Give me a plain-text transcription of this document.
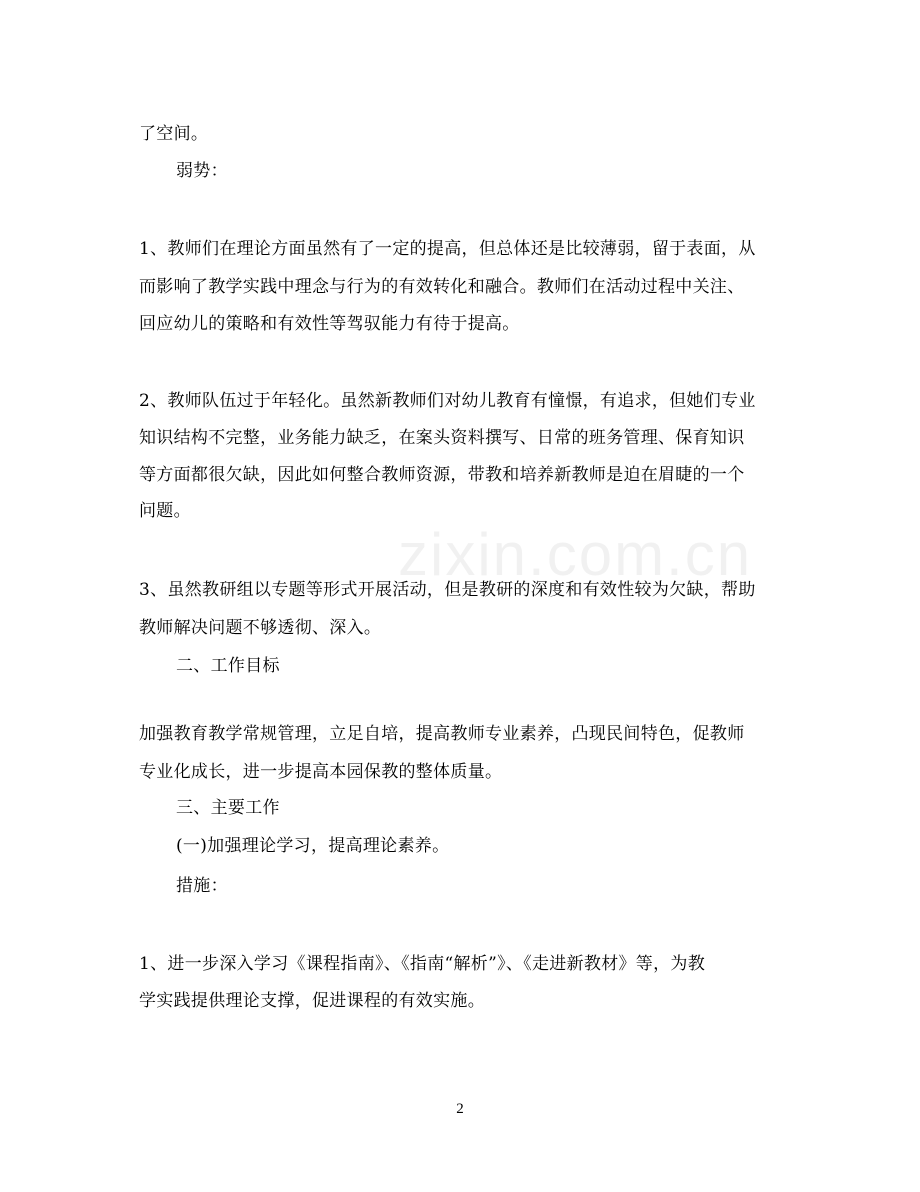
zixin.com.cn
了空间。
弱势：
1、教师们在理论方面虽然有了一定的提高，但总体还是比较薄弱，留于表面，从
而影响了教学实践中理念与行为的有效转化和融合。教师们在活动过程中关注、
回应幼儿的策略和有效性等驾驭能力有待于提高。
2、教师队伍过于年轻化。虽然新教师们对幼儿教育有憧憬，有追求，但她们专业
知识结构不完整，业务能力缺乏，在案头资料撰写、日常的班务管理、保育知识
等方面都很欠缺，因此如何整合教师资源，带教和培养新教师是迫在眉睫的一个
问题。
3、虽然教研组以专题等形式开展活动，但是教研的深度和有效性较为欠缺，帮助
教师解决问题不够透彻、深入。
二、工作目标
加强教育教学常规管理，立足自培，提高教师专业素养，凸现民间特色，促教师
专业化成长，进一步提高本园保教的整体质量。
三、主要工作
(一)加强理论学习，提高理论素养。
措施：
1、进一步深入学习《课程指南》、《指南“解析”》、《走进新教材》等，为教
学实践提供理论支撑，促进课程的有效实施。
2
